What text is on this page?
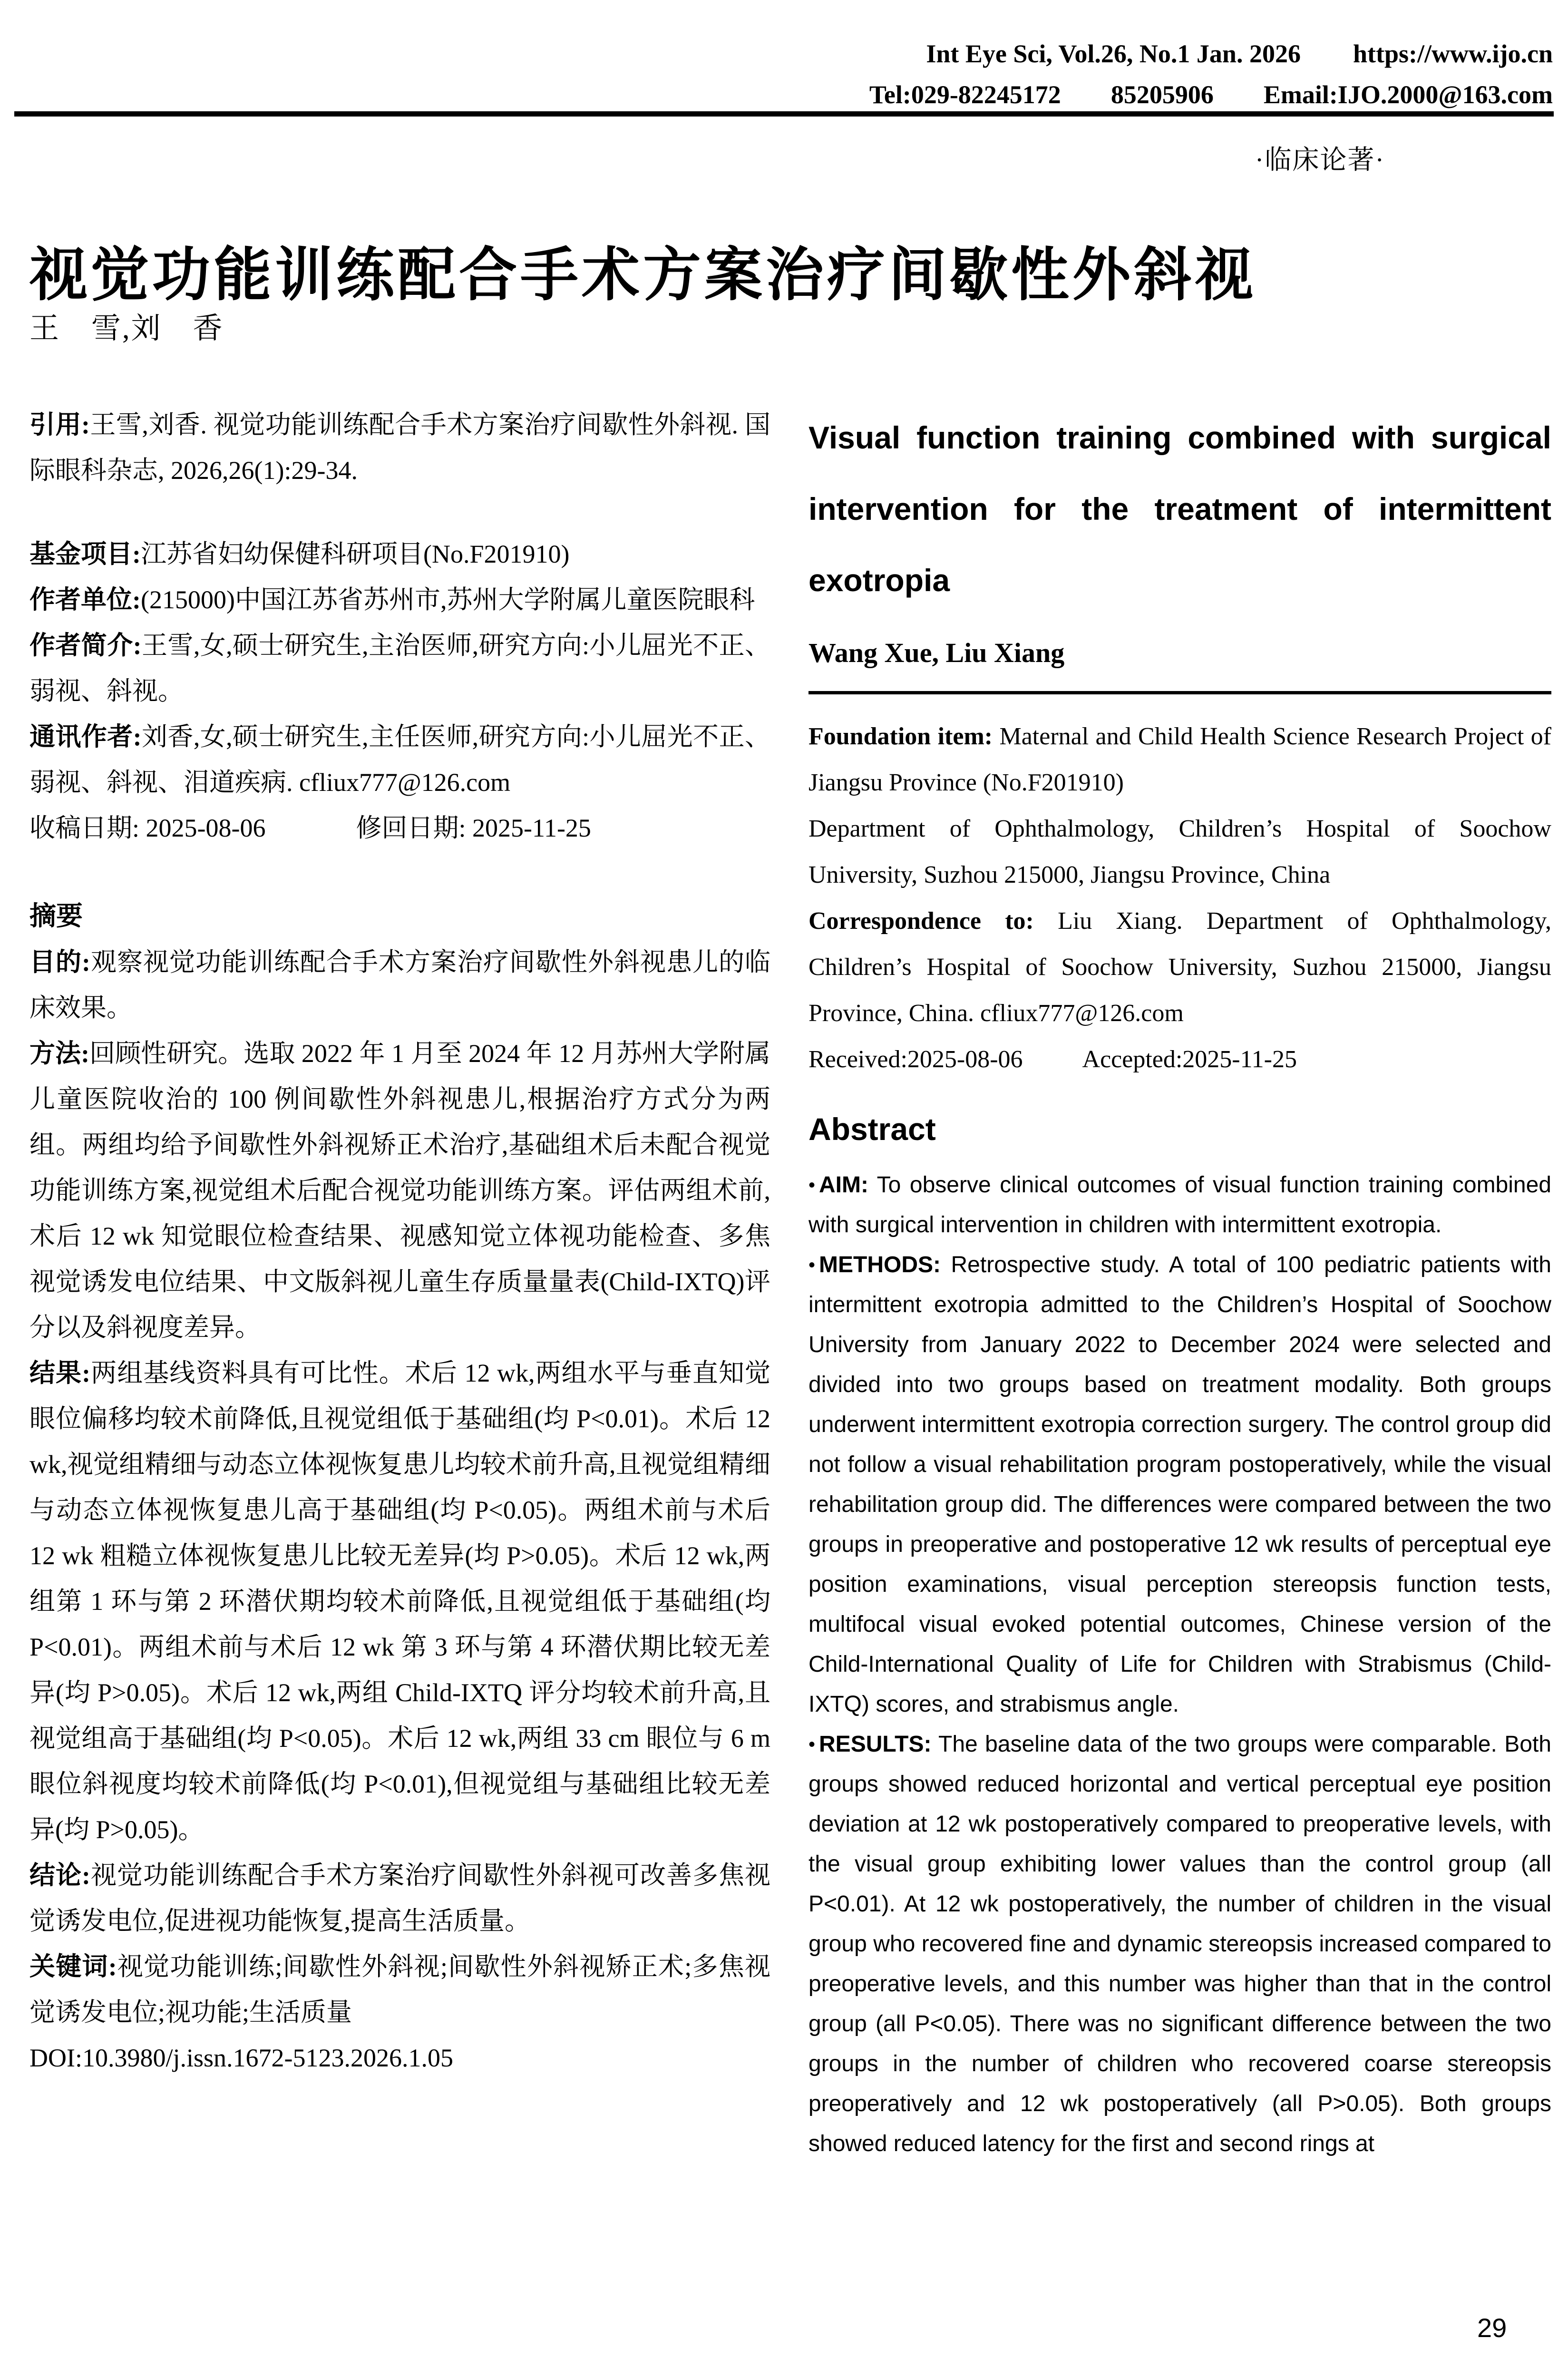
Int Eye Sci, Vol.26, No.1 Jan. 2026 https://www.ijo.cn
Tel:029-82245172 85205906 Email:IJO.2000@163.com
·临床论著·
视觉功能训练配合手术方案治疗间歇性外斜视
王　雪,刘　香

引用:王雪,刘香. 视觉功能训练配合手术方案治疗间歇性外斜视. 国际眼科杂志, 2026,26(1):29-34.

基金项目:江苏省妇幼保健科研项目(No.F201910)

作者单位:(215000)中国江苏省苏州市,苏州大学附属儿童医院眼科

作者简介:王雪,女,硕士研究生,主治医师,研究方向:小儿屈光不正、弱视、斜视。

通讯作者:刘香,女,硕士研究生,主任医师,研究方向:小儿屈光不正、弱视、斜视、泪道疾病. cfliux777@126.com

收稿日期: 2025-08-06	修回日期: 2025-11-25

摘要

目的:观察视觉功能训练配合手术方案治疗间歇性外斜视患儿的临床效果。

方法:回顾性研究。选取 2022 年 1 月至 2024 年 12 月苏州大学附属儿童医院收治的 100 例间歇性外斜视患儿,根据治疗方式分为两组。两组均给予间歇性外斜视矫正术治疗,基础组术后未配合视觉功能训练方案,视觉组术后配合视觉功能训练方案。评估两组术前,术后 12 wk 知觉眼位检查结果、视感知觉立体视功能检查、多焦视觉诱发电位结果、中文版斜视儿童生存质量量表(Child-IXTQ)评分以及斜视度差异。

结果:两组基线资料具有可比性。术后 12 wk,两组水平与垂直知觉眼位偏移均较术前降低,且视觉组低于基础组(均 P<0.01)。术后 12 wk,视觉组精细与动态立体视恢复患儿均较术前升高,且视觉组精细与动态立体视恢复患儿高于基础组(均 P<0.05)。两组术前与术后 12 wk 粗糙立体视恢复患儿比较无差异(均 P>0.05)。术后 12 wk,两组第 1 环与第 2 环潜伏期均较术前降低,且视觉组低于基础组(均 P<0.01)。两组术前与术后 12 wk 第 3 环与第 4 环潜伏期比较无差异(均 P>0.05)。术后 12 wk,两组 Child-IXTQ 评分均较术前升高,且视觉组高于基础组(均 P<0.05)。术后 12 wk,两组 33 cm 眼位与 6 m 眼位斜视度均较术前降低(均 P<0.01),但视觉组与基础组比较无差异(均 P>0.05)。

结论:视觉功能训练配合手术方案治疗间歇性外斜视可改善多焦视觉诱发电位,促进视功能恢复,提高生活质量。

关键词:视觉功能训练;间歇性外斜视;间歇性外斜视矫正术;多焦视觉诱发电位;视功能;生活质量

DOI:10.3980/j.issn.1672-5123.2026.1.05

Visual function training combined with surgical intervention for the treatment of intermittent exotropia
Wang Xue, Liu Xiang

Foundation item: Maternal and Child Health Science Research Project of Jiangsu Province (No.F201910)

Department of Ophthalmology, Children’s Hospital of Soochow University, Suzhou 215000, Jiangsu Province, China

Correspondence to: Liu Xiang. Department of Ophthalmology, Children’s Hospital of Soochow University, Suzhou 215000, Jiangsu Province, China. cfliux777@126.com

Received:2025-08-06 Accepted:2025-11-25
Abstract

• AIM: To observe clinical outcomes of visual function training combined with surgical intervention in children with intermittent exotropia.

• METHODS: Retrospective study. A total of 100 pediatric patients with intermittent exotropia admitted to the Children’s Hospital of Soochow University from January 2022 to December 2024 were selected and divided into two groups based on treatment modality. Both groups underwent intermittent exotropia correction surgery. The control group did not follow a visual rehabilitation program postoperatively, while the visual rehabilitation group did. The differences were compared between the two groups in preoperative and postoperative 12 wk results of perceptual eye position examinations, visual perception stereopsis function tests, multifocal visual evoked potential outcomes, Chinese version of the Child-International Quality of Life for Children with Strabismus (Child-IXTQ) scores, and strabismus angle.

• RESULTS: The baseline data of the two groups were comparable. Both groups showed reduced horizontal and vertical perceptual eye position deviation at 12 wk postoperatively compared to preoperative levels, with the visual group exhibiting lower values than the control group (all P<0.01). At 12 wk postoperatively, the number of children in the visual group who recovered fine and dynamic stereopsis increased compared to preoperative levels, and this number was higher than that in the control group (all P<0.05). There was no significant difference between the two groups in the number of children who recovered coarse stereopsis preoperatively and 12 wk postoperatively (all P>0.05). Both groups showed reduced latency for the first and second rings at

29
